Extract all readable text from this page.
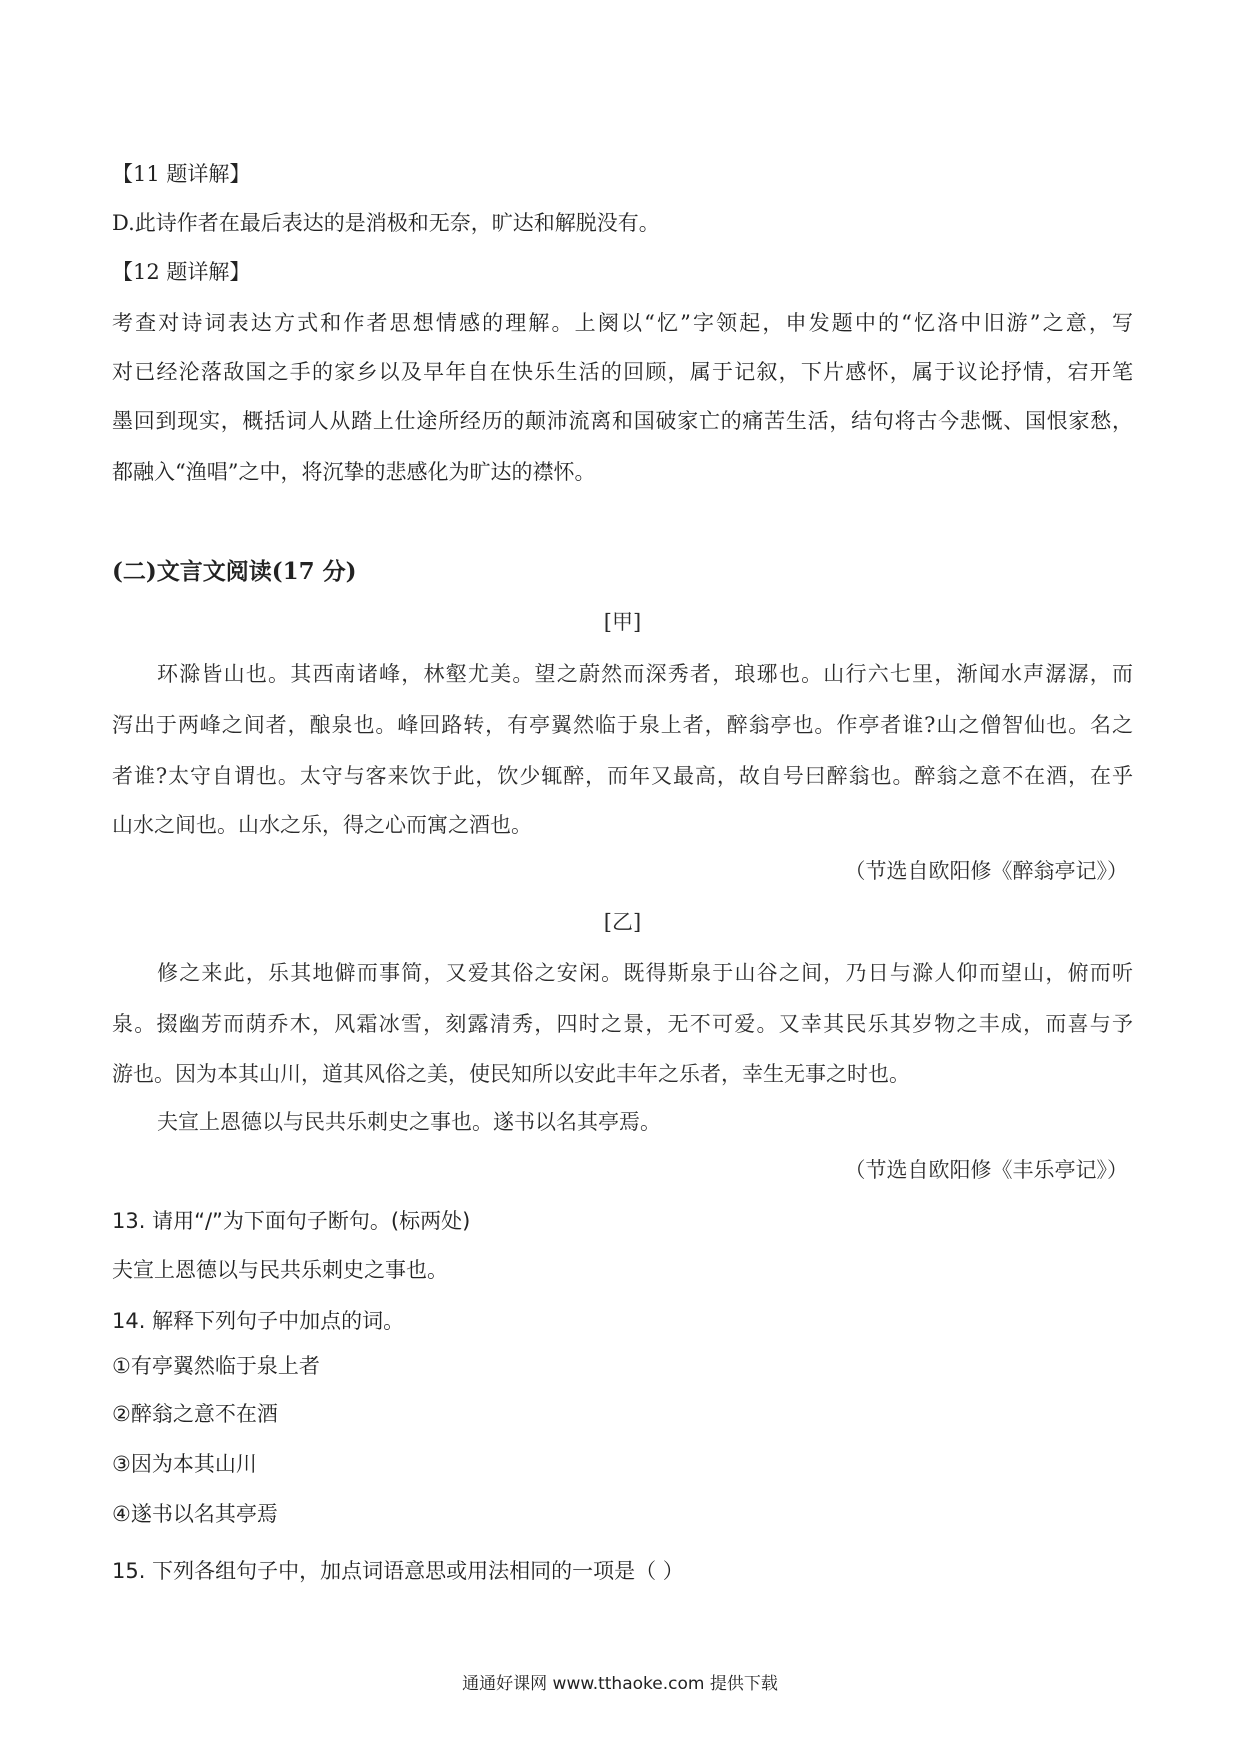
【11 题详解】
D.此诗作者在最后表达的是消极和无奈，旷达和解脱没有。
【12 题详解】
考查对诗词表达方式和作者思想情感的理解。上阕以“忆”字领起，申发题中的“忆洛中旧游”之意，写
对已经沦落敌国之手的家乡以及早年自在快乐生活的回顾，属于记叙，下片感怀，属于议论抒情，宕开笔
墨回到现实，概括词人从踏上仕途所经历的颠沛流离和国破家亡的痛苦生活，结句将古今悲慨、国恨家愁，
都融入“渔唱”之中，将沉挚的悲感化为旷达的襟怀。
(二)文言文阅读(17 分)
[甲]
环滁皆山也。其西南诸峰，林壑尤美。望之蔚然而深秀者，琅琊也。山行六七里，渐闻水声潺潺，而
泻出于两峰之间者，酿泉也。峰回路转，有亭翼然临于泉上者，醉翁亭也。作亭者谁?山之僧智仙也。名之
者谁?太守自谓也。太守与客来饮于此，饮少辄醉，而年又最高，故自号曰醉翁也。醉翁之意不在酒，在乎
山水之间也。山水之乐，得之心而寓之酒也。
（节选自欧阳修《醉翁亭记》）
[乙]
修之来此，乐其地僻而事简，又爱其俗之安闲。既得斯泉于山谷之间，乃日与滁人仰而望山，俯而听
泉。掇幽芳而荫乔木，风霜冰雪，刻露清秀，四时之景，无不可爱。又幸其民乐其岁物之丰成，而喜与予
游也。因为本其山川，道其风俗之美，使民知所以安此丰年之乐者，幸生无事之时也。
夫宣上恩德以与民共乐刺史之事也。遂书以名其亭焉。
（节选自欧阳修《丰乐亭记》）
13. 请用“/”为下面句子断句。(标两处)
夫宣上恩德以与民共乐刺史之事也。
14. 解释下列句子中加点的词。
①有亭翼然临于泉上者
②醉翁之意不在酒
③因为本其山川
④遂书以名其亭焉
15. 下列各组句子中，加点词语意思或用法相同的一项是（ ）
通通好课网 www.tthaoke.com 提供下载
